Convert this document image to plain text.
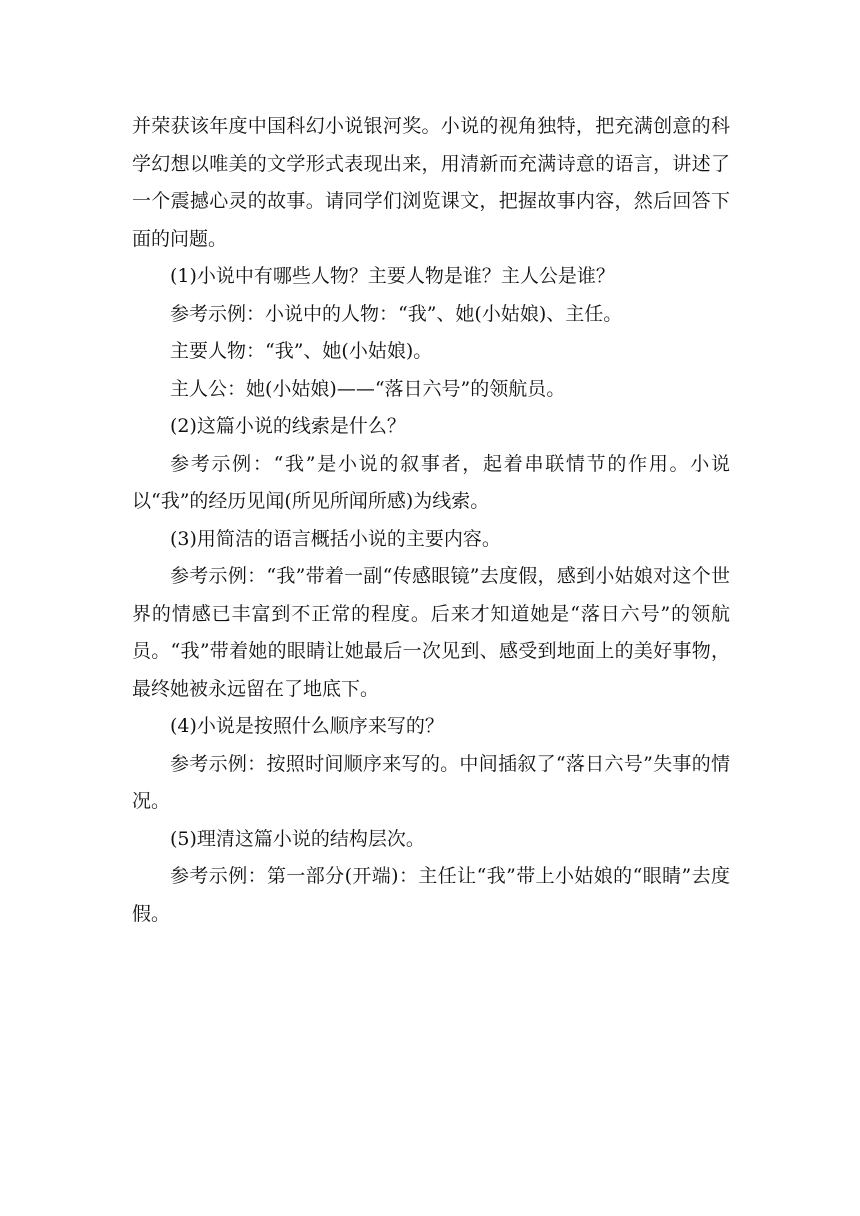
并荣获该年度中国科幻小说银河奖。小说的视角独特，把充满创意的科学幻想以唯美的文学形式表现出来，用清新而充满诗意的语言，讲述了一个震撼心灵的故事。请同学们浏览课文，把握故事内容，然后回答下面的问题。

(1)小说中有哪些人物？主要人物是谁？主人公是谁？

参考示例：小说中的人物：“我”、她(小姑娘)、主任。

主要人物：“我”、她(小姑娘)。

主人公：她(小姑娘)——“落日六号”的领航员。

(2)这篇小说的线索是什么？

参考示例：“我”是小说的叙事者，起着串联情节的作用。小说以“我”的经历见闻(所见所闻所感)为线索。

(3)用简洁的语言概括小说的主要内容。

参考示例：“我”带着一副“传感眼镜”去度假，感到小姑娘对这个世界的情感已丰富到不正常的程度。后来才知道她是“落日六号”的领航员。“我”带着她的眼睛让她最后一次见到、感受到地面上的美好事物，最终她被永远留在了地底下。

(4)小说是按照什么顺序来写的？

参考示例：按照时间顺序来写的。中间插叙了“落日六号”失事的情况。

(5)理清这篇小说的结构层次。

参考示例：第一部分(开端)：主任让“我”带上小姑娘的“眼睛”去度假。
